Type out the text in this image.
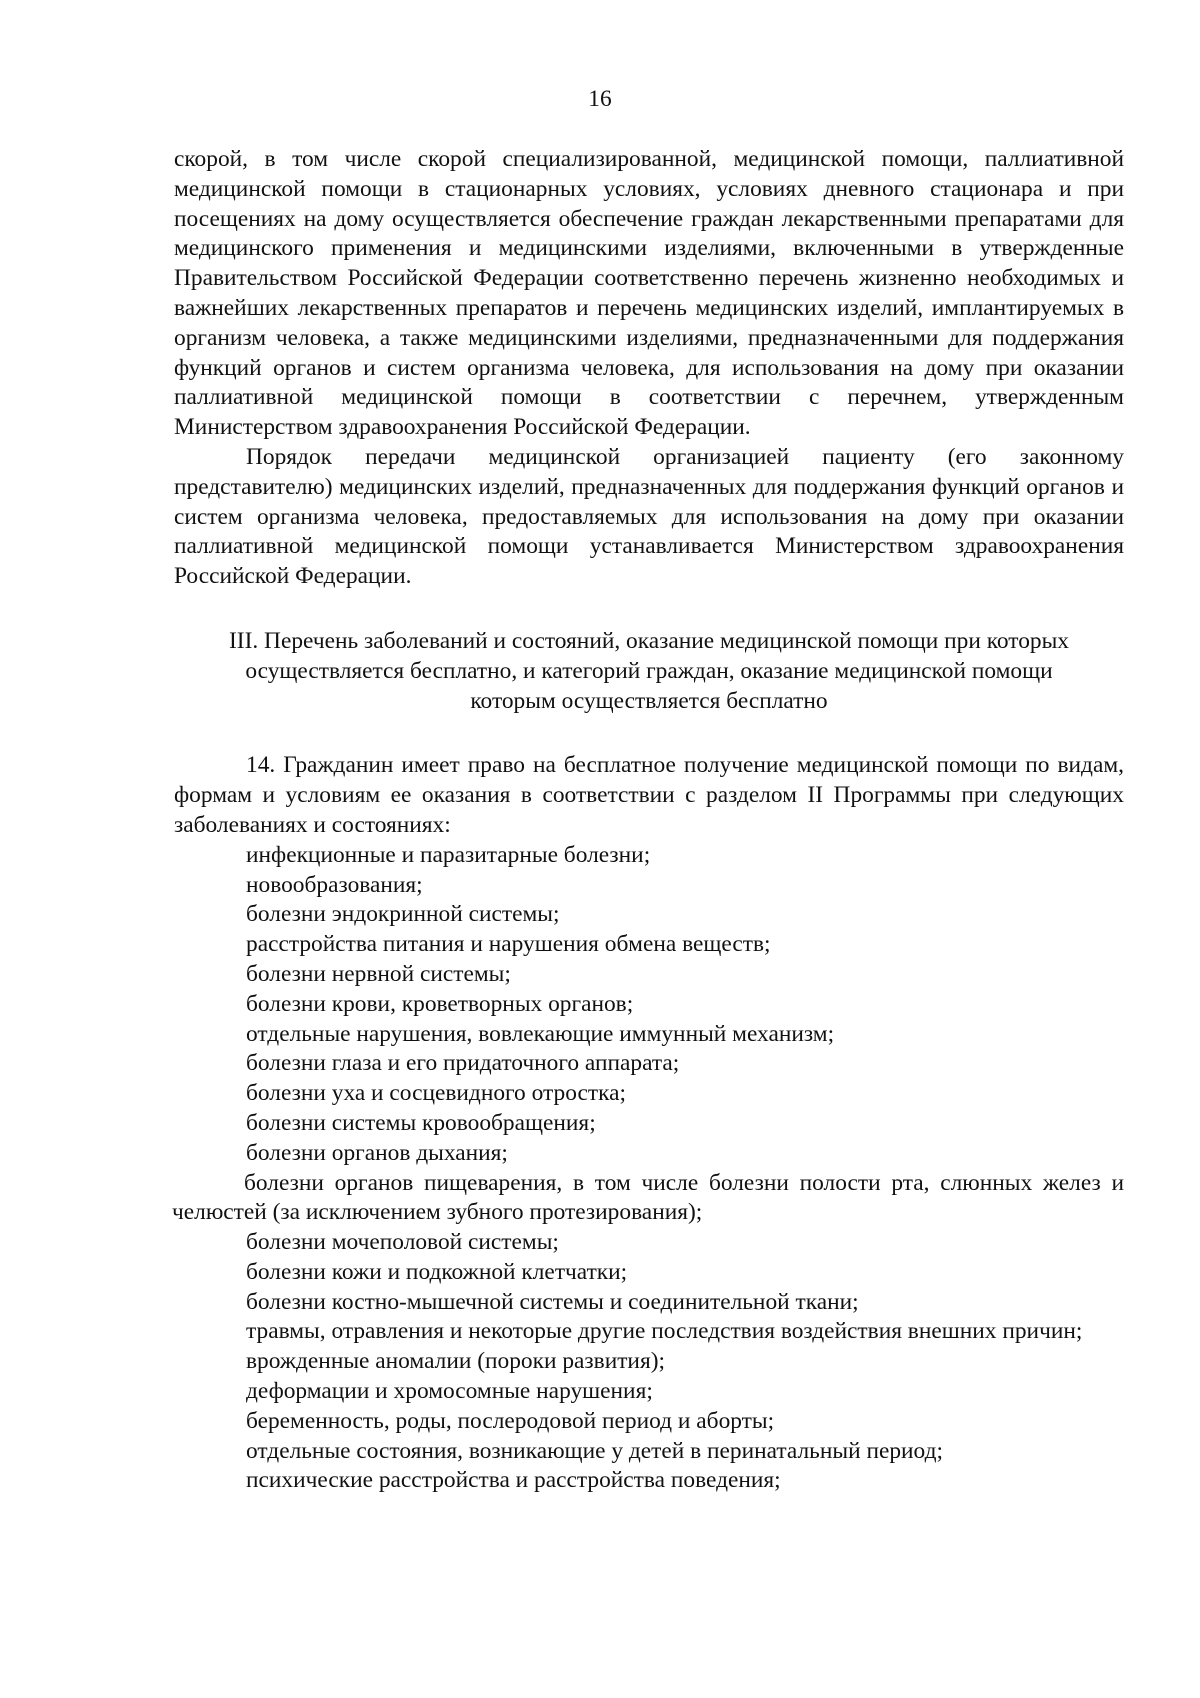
16

скорой, в том числе скорой специализированной, медицинской помощи, паллиативной медицинской помощи в стационарных условиях, условиях дневного стационара и при посещениях на дому осуществляется обеспечение граждан лекарственными препаратами для медицинского применения и медицинскими изделиями, включенными в утвержденные Правительством Российской Федерации соответственно перечень жизненно необходимых и важнейших лекарственных препаратов и перечень медицинских изделий, имплантируемых в организм человека, а также медицинскими изделиями, предназначенными для поддержания функций органов и систем организма человека, для использования на дому при оказании паллиативной медицинской помощи в соответствии с перечнем, утвержденным Министерством здравоохранения Российской Федерации.

Порядок передачи медицинской организацией пациенту (его законному представителю) медицинских изделий, предназначенных для поддержания функций органов и систем организма человека, предоставляемых для использования на дому при оказании паллиативной медицинской помощи устанавливается Министерством здравоохранения Российской Федерации.

III. Перечень заболеваний и состояний, оказание медицинской помощи при которых осуществляется бесплатно, и категорий граждан, оказание медицинской помощи которым осуществляется бесплатно

14. Гражданин имеет право на бесплатное получение медицинской помощи по видам, формам и условиям ее оказания в соответствии с разделом II Программы при следующих заболеваниях и состояниях:

инфекционные и паразитарные болезни;
новообразования;
болезни эндокринной системы;
расстройства питания и нарушения обмена веществ;
болезни нервной системы;
болезни крови, кроветворных органов;
отдельные нарушения, вовлекающие иммунный механизм;
болезни глаза и его придаточного аппарата;
болезни уха и сосцевидного отростка;
болезни системы кровообращения;
болезни органов дыхания;
болезни органов пищеварения, в том числе болезни полости рта, слюнных желез и челюстей (за исключением зубного протезирования);
болезни мочеполовой системы;
болезни кожи и подкожной клетчатки;
болезни костно-мышечной системы и соединительной ткани;
травмы, отравления и некоторые другие последствия воздействия внешних причин;
врожденные аномалии (пороки развития);
деформации и хромосомные нарушения;
беременность, роды, послеродовой период и аборты;
отдельные состояния, возникающие у детей в перинатальный период;
психические расстройства и расстройства поведения;
